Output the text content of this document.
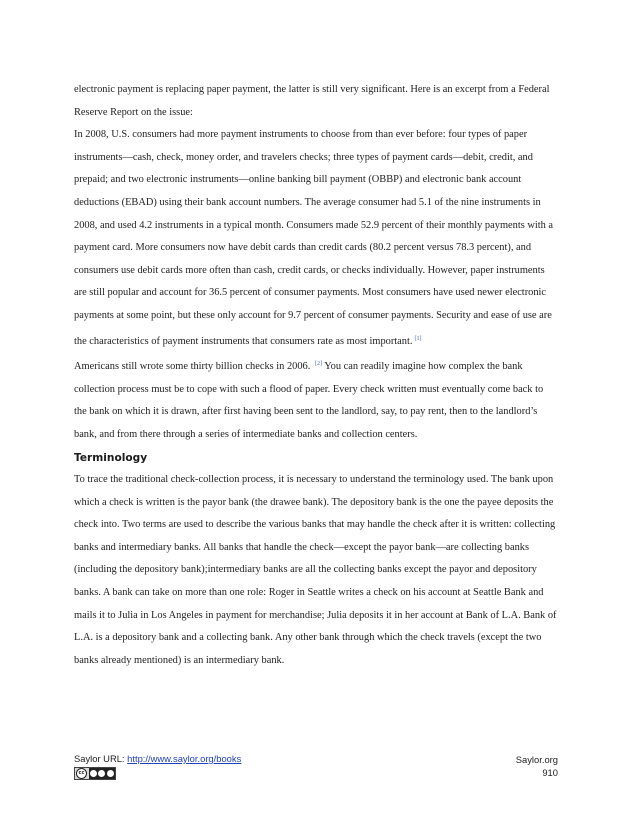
electronic payment is replacing paper payment, the latter is still very significant. Here is an excerpt from a Federal Reserve Report on the issue:

In 2008, U.S. consumers had more payment instruments to choose from than ever before: four types of paper instruments—cash, check, money order, and travelers checks; three types of payment cards—debit, credit, and prepaid; and two electronic instruments—online banking bill payment (OBBP) and electronic bank account deductions (EBAD) using their bank account numbers. The average consumer had 5.1 of the nine instruments in 2008, and used 4.2 instruments in a typical month. Consumers made 52.9 percent of their monthly payments with a payment card. More consumers now have debit cards than credit cards (80.2 percent versus 78.3 percent), and consumers use debit cards more often than cash, credit cards, or checks individually. However, paper instruments are still popular and account for 36.5 percent of consumer payments. Most consumers have used newer electronic payments at some point, but these only account for 9.7 percent of consumer payments. Security and ease of use are the characteristics of payment instruments that consumers rate as most important. [1]

Americans still wrote some thirty billion checks in 2006. [2] You can readily imagine how complex the bank collection process must be to cope with such a flood of paper. Every check written must eventually come back to the bank on which it is drawn, after first having been sent to the landlord, say, to pay rent, then to the landlord’s bank, and from there through a series of intermediate banks and collection centers.

Terminology

To trace the traditional check-collection process, it is necessary to understand the terminology used. The bank upon which a check is written is the payor bank (the drawee bank). The depository bank is the one the payee deposits the check into. Two terms are used to describe the various banks that may handle the check after it is written: collecting banks and intermediary banks. All banks that handle the check—except the payor bank—are collecting banks (including the depository bank);intermediary banks are all the collecting banks except the payor and depository banks. A bank can take on more than one role: Roger in Seattle writes a check on his account at Seattle Bank and mails it to Julia in Los Angeles in payment for merchandise; Julia deposits it in her account at Bank of L.A. Bank of L.A. is a depository bank and a collecting bank. Any other bank through which the check travels (except the two banks already mentioned) is an intermediary bank.

Saylor URL: http://www.saylor.org/books
cc
Saylor.org
910
